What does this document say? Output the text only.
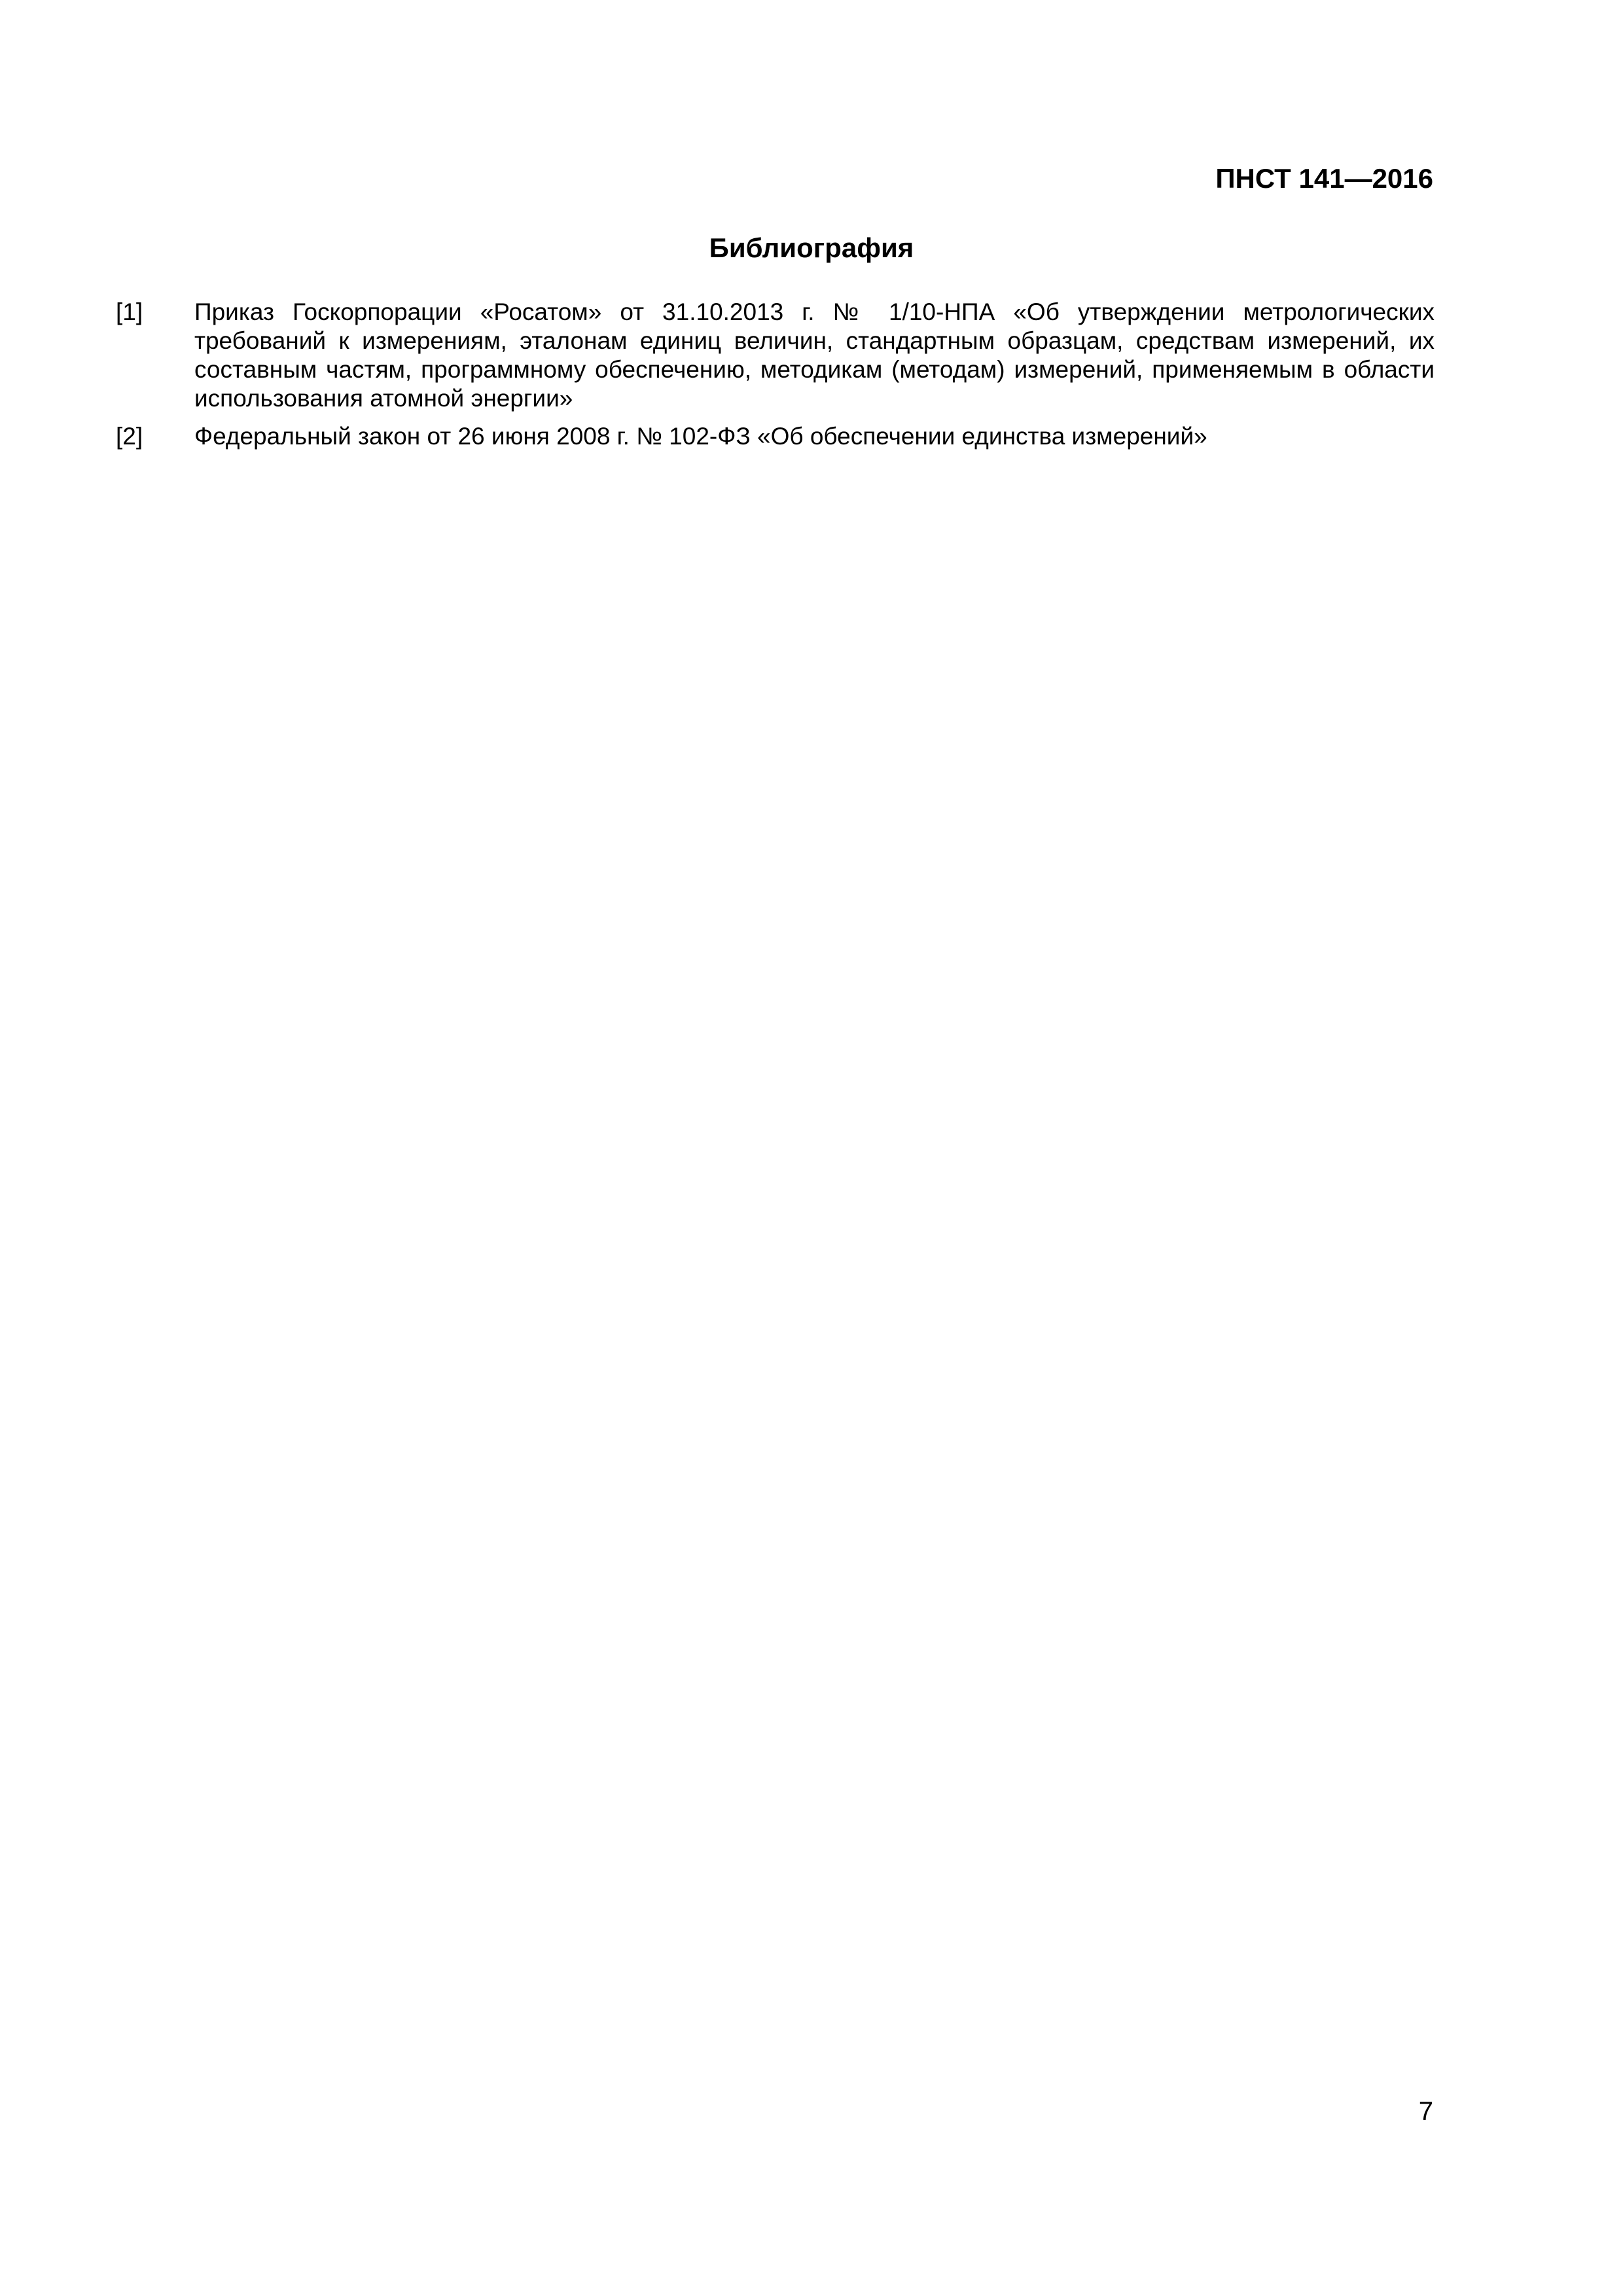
ПНСТ 141—2016
Библиография
[1] Приказ Госкорпорации «Росатом» от 31.10.2013 г. № 1/10-НПА «Об утверждении метрологических требований к измерениям, эталонам единиц величин, стандартным образцам, средствам измерений, их составным частям, программному обеспечению, методикам (методам) измерений, применяемым в области использования атомной энергии»
[2] Федеральный закон от 26 июня 2008 г. № 102-ФЗ «Об обеспечении единства измерений»
7
